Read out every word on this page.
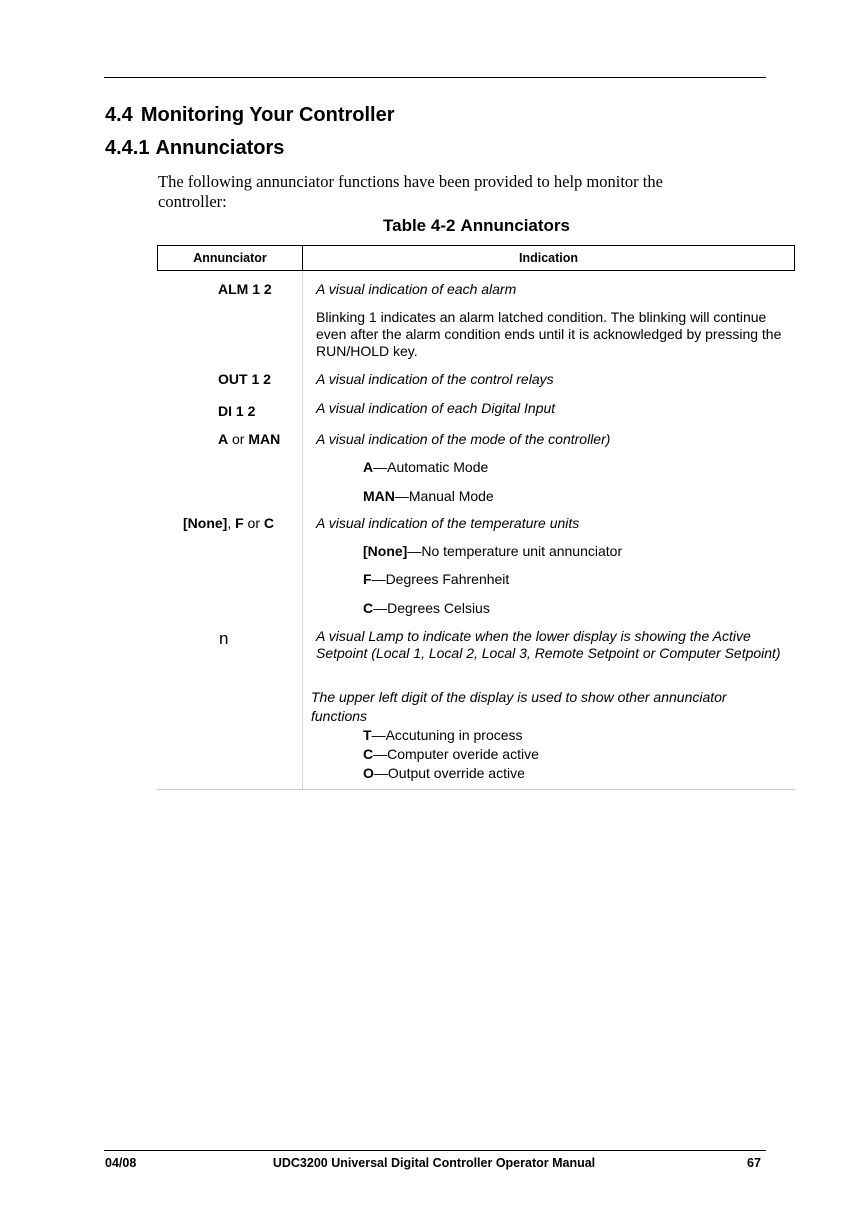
4.4 Monitoring Your Controller
4.4.1 Annunciators
The following annunciator functions have been provided to help monitor the controller:
Table 4-2 Annunciators
Annunciator	Indication
ALM 1 2	A visual indication of each alarm
Blinking 1 indicates an alarm latched condition. The blinking will continue even after the alarm condition ends until it is acknowledged by pressing the RUN/HOLD key.
OUT 1 2	A visual indication of the control relays
DI 1 2	A visual indication of each Digital Input
A or MAN	A visual indication of the mode of the controller)
A—Automatic Mode
MAN—Manual Mode
[None], F or C	A visual indication of the temperature units
[None]—No temperature unit annunciator
F—Degrees Fahrenheit
C—Degrees Celsius
n	A visual Lamp to indicate when the lower display is showing the Active Setpoint (Local 1, Local 2, Local 3, Remote Setpoint or Computer Setpoint)
The upper left digit of the display is used to show other annunciator functions
T—Accutuning in process
C—Computer overide active
O—Output override active
04/08	UDC3200 Universal Digital Controller Operator Manual	67
